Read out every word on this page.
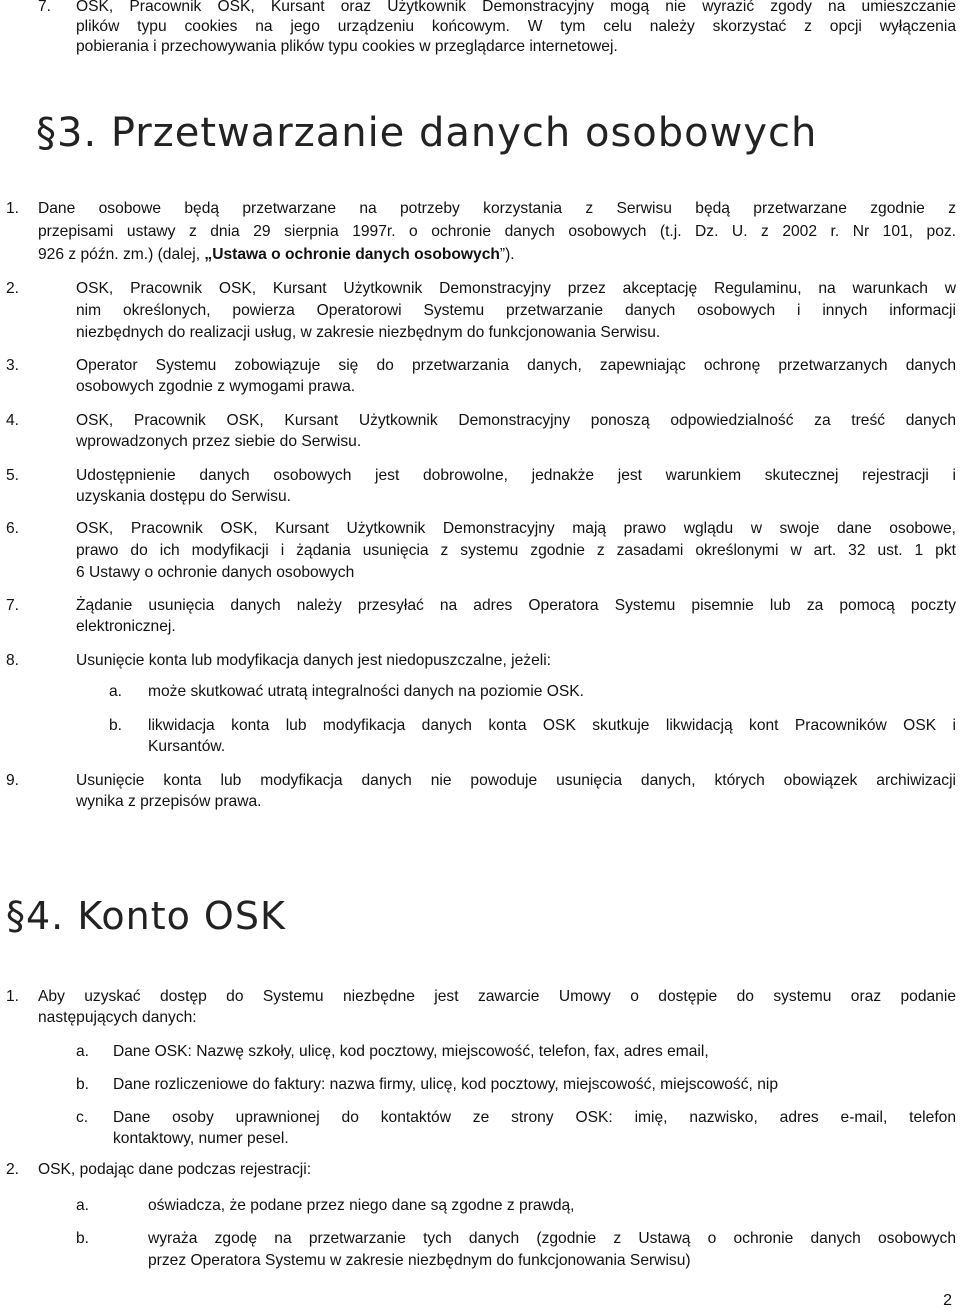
7. OSK, Pracownik OSK, Kursant oraz Użytkownik Demonstracyjny mogą nie wyrazić zgody na umieszczanie
plików typu cookies na jego urządzeniu końcowym. W tym celu należy skorzystać z opcji wyłączenia
pobierania i przechowywania plików typu cookies w przeglądarce internetowej.
§3. Przetwarzanie danych osobowych
1. Dane osobowe będą przetwarzane na potrzeby korzystania z Serwisu będą przetwarzane zgodnie z
przepisami ustawy z dnia 29 sierpnia 1997r. o ochronie danych osobowych (t.j. Dz. U. z 2002 r. Nr 101, poz.
926 z późn. zm.) (dalej, „Ustawa o ochronie danych osobowych”).
2.	OSK, Pracownik OSK, Kursant Użytkownik Demonstracyjny przez akceptację Regulaminu, na warunkach w
nim określonych, powierza Operatorowi Systemu przetwarzanie danych osobowych i innych informacji
niezbędnych do realizacji usług, w zakresie niezbędnym do funkcjonowania Serwisu.
3.	Operator Systemu zobowiązuje się do przetwarzania danych, zapewniając ochronę przetwarzanych danych
osobowych zgodnie z wymogami prawa.
4.	OSK, Pracownik OSK, Kursant Użytkownik Demonstracyjny ponoszą odpowiedzialność za treść danych
wprowadzonych przez siebie do Serwisu.
5.	Udostępnienie danych osobowych jest dobrowolne, jednakże jest warunkiem skutecznej rejestracji i
uzyskania dostępu do Serwisu.
6.	OSK, Pracownik OSK, Kursant Użytkownik Demonstracyjny mają prawo wglądu w swoje dane osobowe,
prawo do ich modyfikacji i żądania usunięcia z systemu zgodnie z zasadami określonymi w art. 32 ust. 1 pkt
6 Ustawy o ochronie danych osobowych
7.	Żądanie usunięcia danych należy przesyłać na adres Operatora Systemu pisemnie lub za pomocą poczty
elektronicznej.
8.	Usunięcie konta lub modyfikacja danych jest niedopuszczalne, jeżeli:
a. może skutkować utratą integralności danych na poziomie OSK.
b. likwidacja konta lub modyfikacja danych konta OSK skutkuje likwidacją kont Pracowników OSK i
Kursantów.
9.	Usunięcie konta lub modyfikacja danych nie powoduje usunięcia danych, których obowiązek archiwizacji
wynika z przepisów prawa.
§4. Konto OSK
1. Aby uzyskać dostęp do Systemu niezbędne jest zawarcie Umowy o dostępie do systemu oraz podanie
następujących danych:
a. Dane OSK: Nazwę szkoły, ulicę, kod pocztowy, miejscowość, telefon, fax, adres email,
b. Dane rozliczeniowe do faktury: nazwa firmy, ulicę, kod pocztowy, miejscowość, miejscowość, nip
c. Dane osoby uprawnionej do kontaktów ze strony OSK: imię, nazwisko, adres e-mail, telefon
kontaktowy, numer pesel.
2. OSK, podając dane podczas rejestracji:
a.	oświadcza, że podane przez niego dane są zgodne z prawdą,
b.	wyraża zgodę na przetwarzanie tych danych (zgodnie z Ustawą o ochronie danych osobowych
przez Operatora Systemu w zakresie niezbędnym do funkcjonowania Serwisu)
2
